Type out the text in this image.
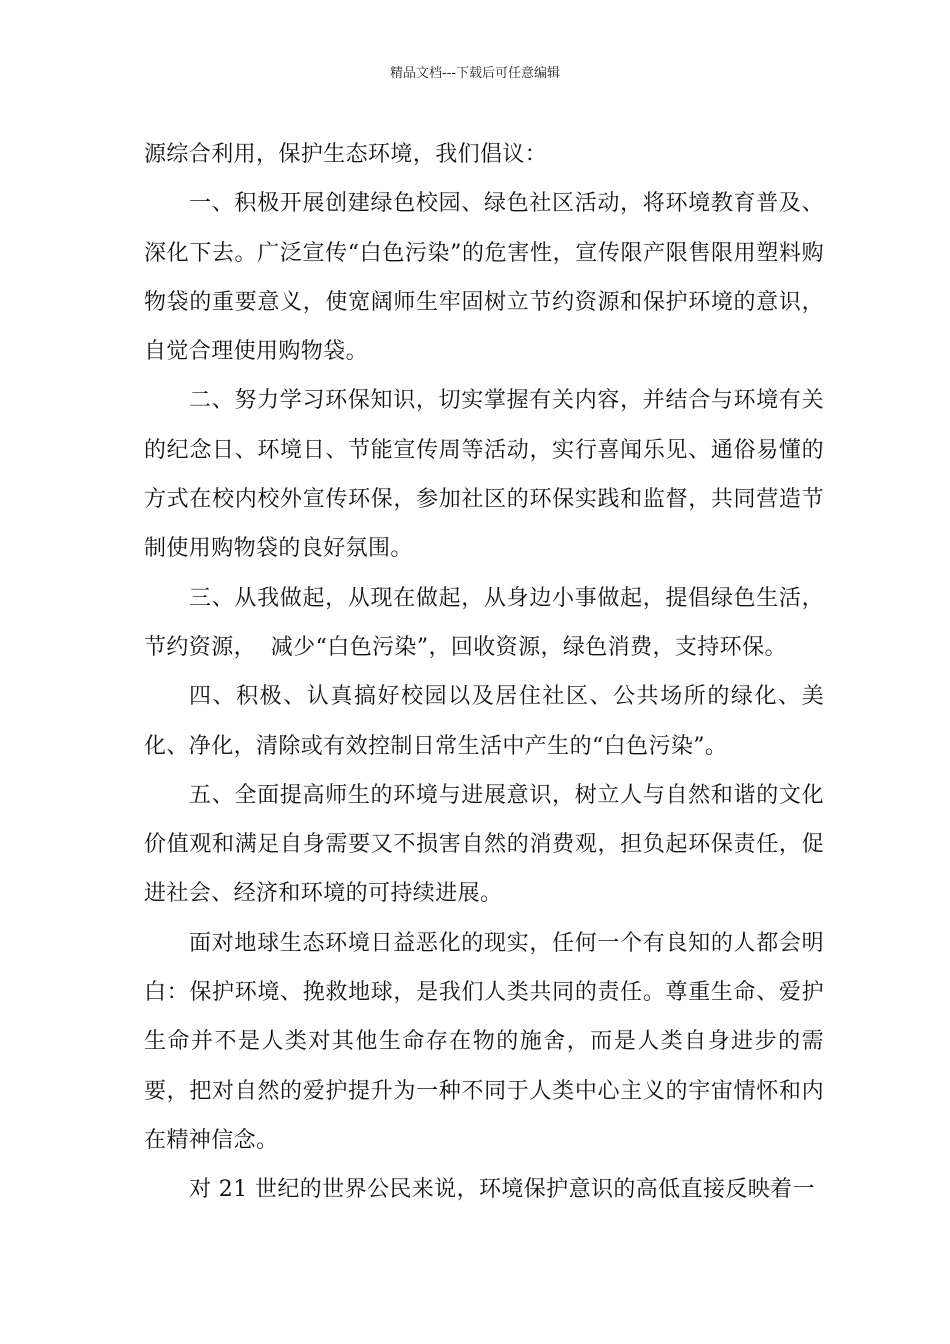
精品文档---下载后可任意编辑

源综合利用，保护生态环境，我们倡议：

一、积极开展创建绿色校园、绿色社区活动，将环境教育普及、深化下去。广泛宣传“白色污染”的危害性，宣传限产限售限用塑料购物袋的重要意义，使宽阔师生牢固树立节约资源和保护环境的意识，自觉合理使用购物袋。

二、努力学习环保知识，切实掌握有关内容，并结合与环境有关的纪念日、环境日、节能宣传周等活动，实行喜闻乐见、通俗易懂的方式在校内校外宣传环保，参加社区的环保实践和监督，共同营造节制使用购物袋的良好氛围。

三、从我做起，从现在做起，从身边小事做起，提倡绿色生活，节约资源，  减少“白色污染”，回收资源，绿色消费，支持环保。

四、积极、认真搞好校园以及居住社区、公共场所的绿化、美化、净化，清除或有效控制日常生活中产生的“白色污染”。

五、全面提高师生的环境与进展意识，树立人与自然和谐的文化价值观和满足自身需要又不损害自然的消费观，担负起环保责任，促进社会、经济和环境的可持续进展。

面对地球生态环境日益恶化的现实，任何一个有良知的人都会明白：保护环境、挽救地球，是我们人类共同的责任。尊重生命、爱护生命并不是人类对其他生命存在物的施舍，而是人类自身进步的需要，把对自然的爱护提升为一种不同于人类中心主义的宇宙情怀和内在精神信念。

对 21 世纪的世界公民来说，环境保护意识的高低直接反映着一
